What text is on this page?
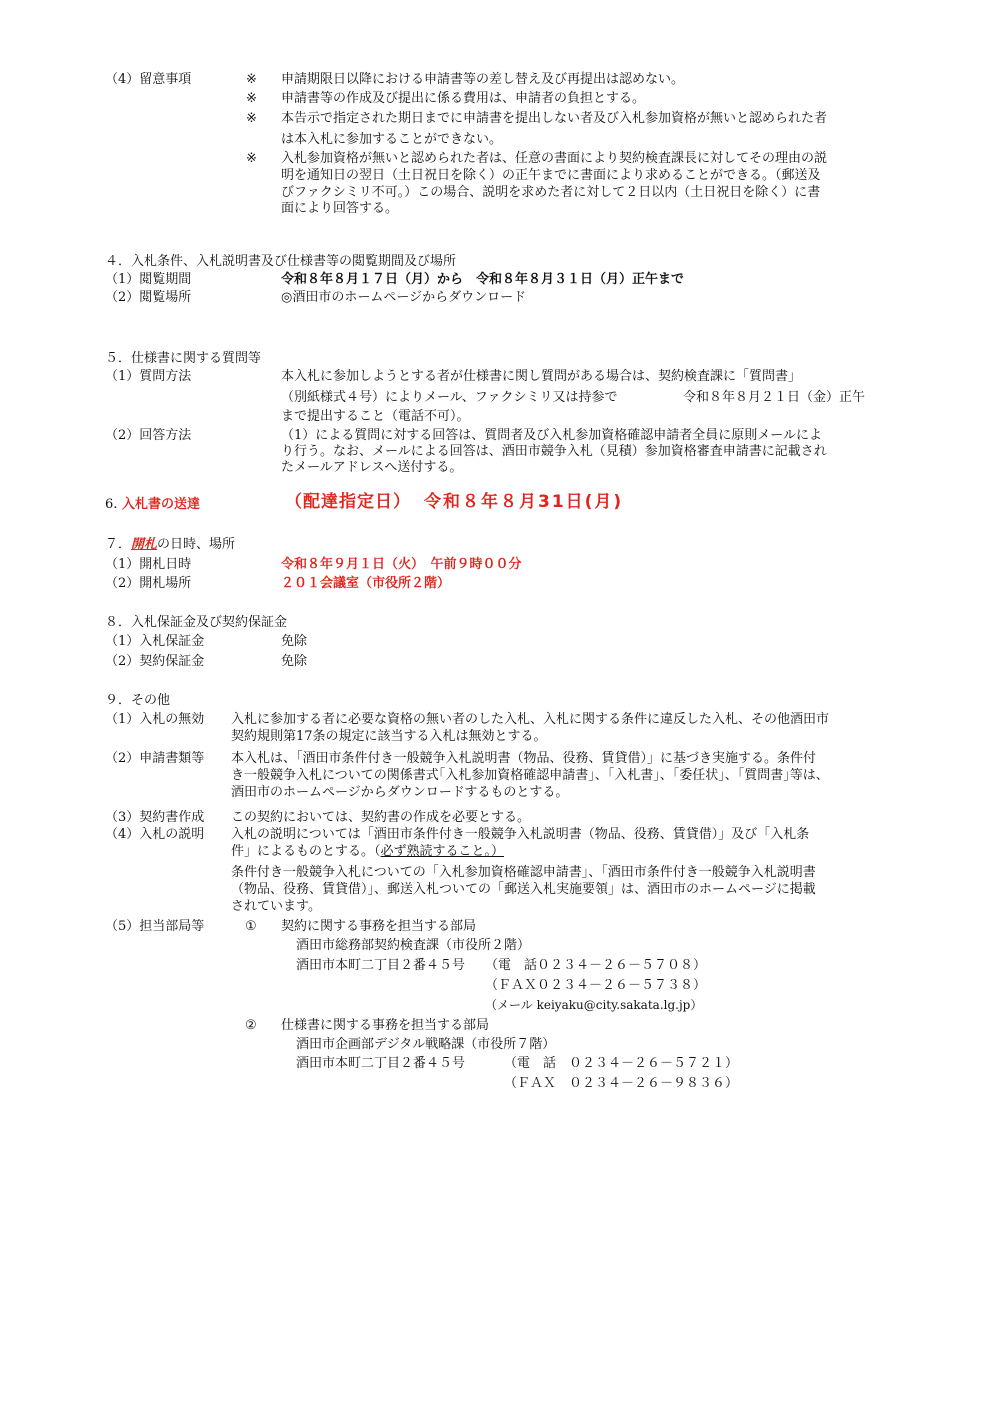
（4）留意事項	※ 申請期限日以降における申請書等の差し替え及び再提出は認めない。
※ 申請書等の作成及び提出に係る費用は、申請者の負担とする。
※ 本告示で指定された期日までに申請書を提出しない者及び入札参加資格が無いと認められた者
は本入札に参加することができない。
※ 入札参加資格が無いと認められた者は、任意の書面により契約検査課長に対してその理由の説
明を通知日の翌日（土日祝日を除く）の正午までに書面により求めることができる。（郵送及
びファクシミリ不可。）この場合、説明を求めた者に対して２日以内（土日祝日を除く）に書
面により回答する。
４．入札条件、入札説明書及び仕様書等の閲覧期間及び場所
（1）閲覧期間	令和８年８月１７日（月）から　令和８年８月３１日（月）正午まで
（2）閲覧場所	◎酒田市のホームページからダウンロード
５．仕様書に関する質問等
（1）質問方法	本入札に参加しようとする者が仕様書に関し質問がある場合は、契約検査課に「質問書」
（別紙様式４号）によりメール、ファクシミリ又は持参で	令和８年８月２１日（金）正午
まで提出すること（電話不可）。
（2）回答方法	（1）による質問に対する回答は、質問者及び入札参加資格確認申請者全員に原則メールによ
り行う。なお、メールによる回答は、酒田市競争入札（見積）参加資格審査申請書に記載され
たメールアドレスへ送付する。
6. 入札書の送達	（配達指定日） 令和８年８月31日(月)
７．開札の日時、場所
（1）開札日時	令和８年９月１日（火）　午前９時００分
（2）開札場所	２０１会議室（市役所２階）
８．入札保証金及び契約保証金
（1）入札保証金	免除
（2）契約保証金	免除
９．その他
（1）入札の無効 入札に参加する者に必要な資格の無い者のした入札、入札に関する条件に違反した入札、その他酒田市
契約規則第17条の規定に該当する入札は無効とする。
（2）申請書類等 本入札は、「酒田市条件付き一般競争入札説明書（物品、役務、賃貸借）」に基づき実施する。条件付
き一般競争入札についての関係書式｢入札参加資格確認申請書｣、｢入札書｣、｢委任状｣、｢質問書｣等は、
酒田市のホームページからダウンロードするものとする。
（3）契約書作成 この契約においては、契約書の作成を必要とする。
（4）入札の説明 入札の説明については「酒田市条件付き一般競争入札説明書（物品、役務、賃貸借）」及び「入札条
件」によるものとする。（必ず熟読すること。）
条件付き一般競争入札についての「入札参加資格確認申請書」、「酒田市条件付き一般競争入札説明書
（物品、役務、賃貸借）」、郵送入札ついての「郵送入札実施要領」は、酒田市のホームページに掲載
されています。
（5）担当部局等	① 契約に関する事務を担当する部局
酒田市総務部契約検査課（市役所２階）
酒田市本町二丁目２番４５号 （電　話０２３４－２６－５７０８）
（ＦＡＸ０２３４－２６－５７３８）
（メール keiyaku@city.sakata.lg.jp）
② 仕様書に関する事務を担当する部局
酒田市企画部デジタル戦略課（市役所７階）
酒田市本町二丁目２番４５号	（電　話　０２３４－２６－５７２１）
（ＦＡＸ　０２３４－２６－９８３６）
